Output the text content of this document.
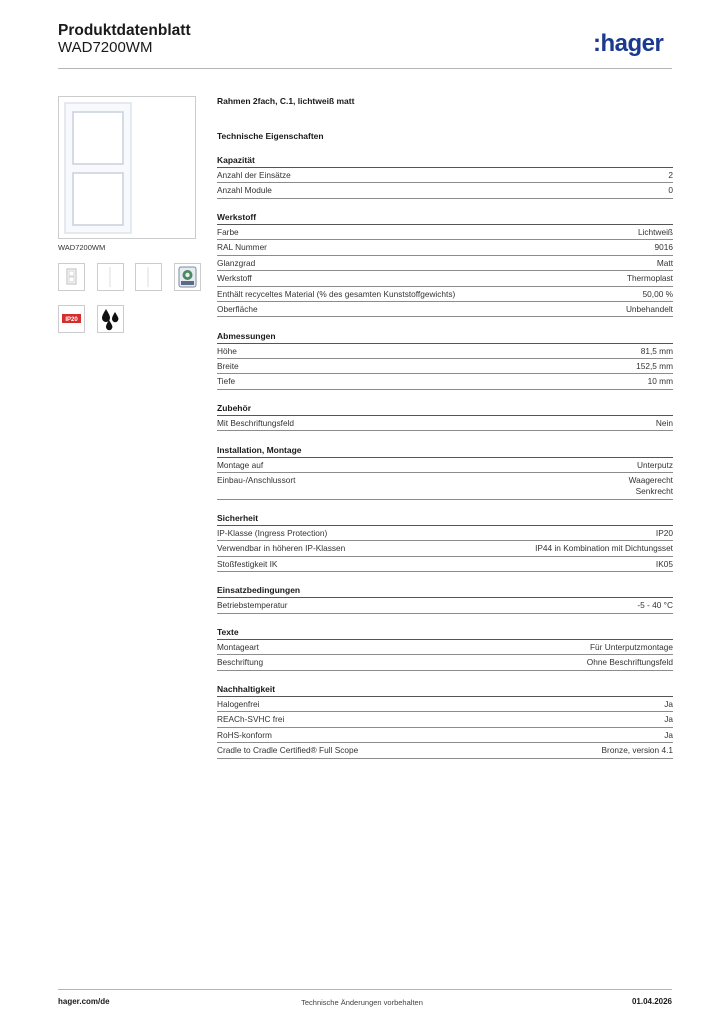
Produktdatenblatt
WAD7200WM	:hager
WAD7200WM
IP20
Rahmen 2fach, C.1, lichtweiß matt
Technische Eigenschaften
Kapazität
Anzahl der Einsätze	2
Anzahl Module	0
Werkstoff
Farbe	Lichtweiß
RAL Nummer	9016
Glanzgrad	Matt
Werkstoff	Thermoplast
Enthält recyceltes Material (% des gesamten Kunststoffgewichts)	50,00 %
Oberfläche	Unbehandelt
Abmessungen
Höhe	81,5 mm
Breite	152,5 mm
Tiefe	10 mm
Zubehör
Mit Beschriftungsfeld	Nein
Installation, Montage
Montage auf	Unterputz
Einbau-/Anschlussort	Waagerecht
Senkrecht
Sicherheit
IP-Klasse (Ingress Protection)	IP20
Verwendbar in höheren IP-Klassen	IP44 in Kombination mit Dichtungsset
Stoßfestigkeit IK	IK05
Einsatzbedingungen
Betriebstemperatur	-5 - 40 °C
Texte
Montageart	Für Unterputzmontage
Beschriftung	Ohne Beschriftungsfeld
Nachhaltigkeit
Halogenfrei	Ja
REACh-SVHC frei	Ja
RoHS-konform	Ja
Cradle to Cradle Certified® Full Scope	Bronze, version 4.1
hager.com/de	Technische Änderungen vorbehalten	01.04.2026
